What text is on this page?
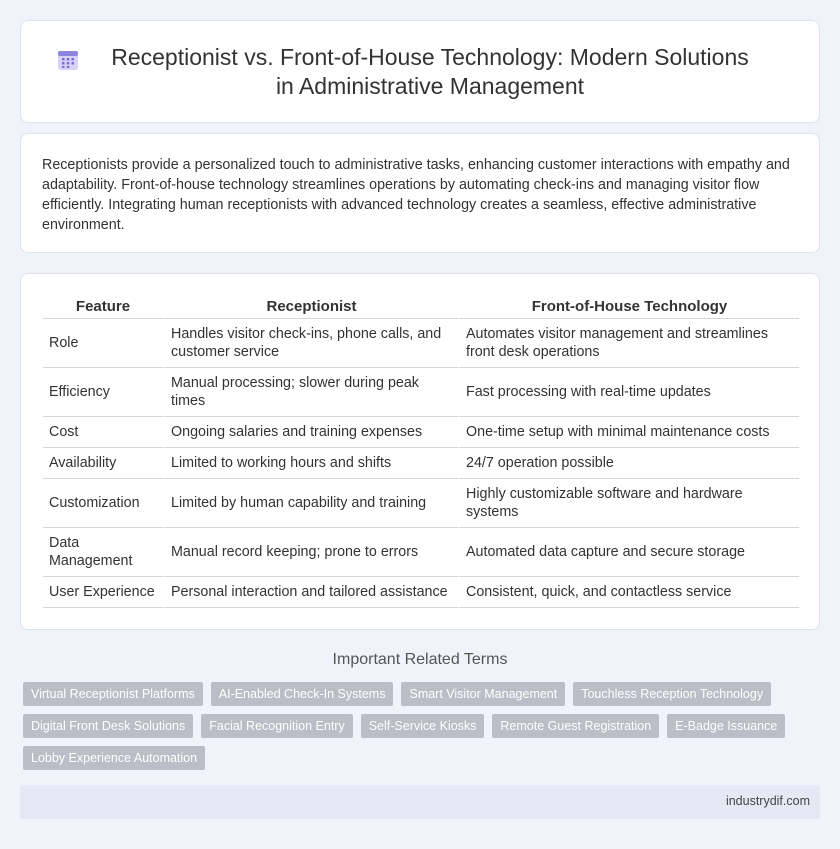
Receptionist vs. Front-of-House Technology: Modern Solutions in Administrative Management

Receptionists provide a personalized touch to administrative tasks, enhancing customer interactions with empathy and adaptability. Front-of-house technology streamlines operations by automating check-ins and managing visitor flow efficiently. Integrating human receptionists with advanced technology creates a seamless, effective administrative environment.

Feature	Receptionist	Front-of-House Technology
Role	Handles visitor check-ins, phone calls, and customer service	Automates visitor management and streamlines front desk operations
Efficiency	Manual processing; slower during peak times	Fast processing with real-time updates
Cost	Ongoing salaries and training expenses	One-time setup with minimal maintenance costs
Availability	Limited to working hours and shifts	24/7 operation possible
Customization	Limited by human capability and training	Highly customizable software and hardware systems
Data Management	Manual record keeping; prone to errors	Automated data capture and secure storage
User Experience	Personal interaction and tailored assistance	Consistent, quick, and contactless service
Important Related Terms
Virtual Receptionist Platforms	AI-Enabled Check-In Systems	Smart Visitor Management	Touchless Reception Technology
Digital Front Desk Solutions	Facial Recognition Entry	Self-Service Kiosks	Remote Guest Registration	E-Badge Issuance
Lobby Experience Automation
industrydif.com
